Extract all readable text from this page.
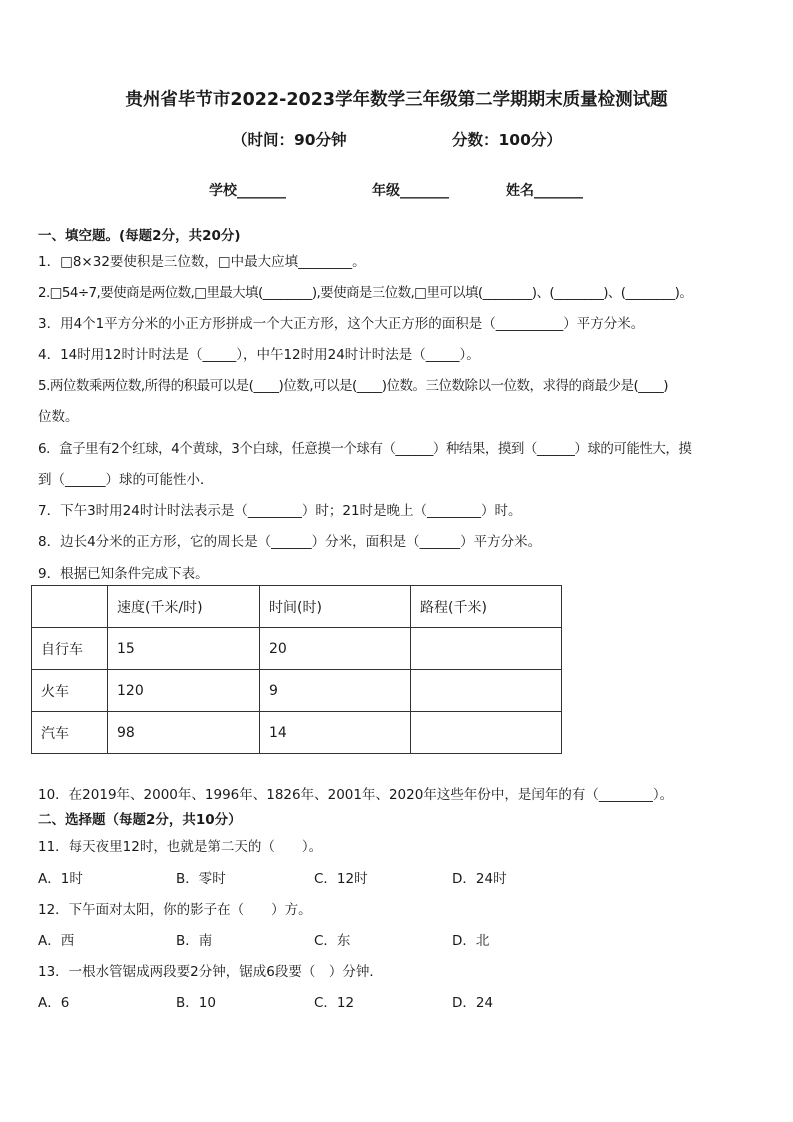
贵州省毕节市2022-2023学年数学三年级第二学期期末质量检测试题
（时间：90分钟	分数：100分）
学校_______	年级_______	姓名_______
一、填空题。(每题2分，共20分)
1．□8×32要使积是三位数，□中最大应填________。
2.□54÷7,要使商是两位数,□里最大填(________),要使商是三位数,□里可以填(________)、(________)、(________)。
3．用4个1平方分米的小正方形拼成一个大正方形，这个大正方形的面积是（__________）平方分米。
4．14时用12时计时法是（_____），中午12时用24时计时法是（_____）。
5.两位数乘两位数,所得的积最可以是(____)位数,可以是(____)位数。三位数除以一位数，求得的商最少是(____)
位数。
6．盒子里有2个红球，4个黄球，3个白球，任意摸一个球有（______）种结果，摸到（______）球的可能性大，摸
到（______）球的可能性小．
7．下午3时用24时计时法表示是（________）时；21时是晚上（________）时。
8．边长4分米的正方形，它的周长是（______）分米，面积是（______）平方分米。
9．根据已知条件完成下表。
	速度(千米/时)	时间(时)	路程(千米)
自行车	15	20	
火车	120	9	
汽车	98	14	
10．在2019年、2000年、1996年、1826年、2001年、2020年这些年份中，是闰年的有（________）。
二、选择题（每题2分，共10分）
11．每天夜里12时，也就是第二天的（　　）。
A．1时	B．零时	C．12时	D．24时
12．下午面对太阳，你的影子在（　　）方。
A．西	B．南	C．东	D．北
13．一根水管锯成两段要2分钟，锯成6段要（　）分钟．
A．6	B．10	C．12	D．24
